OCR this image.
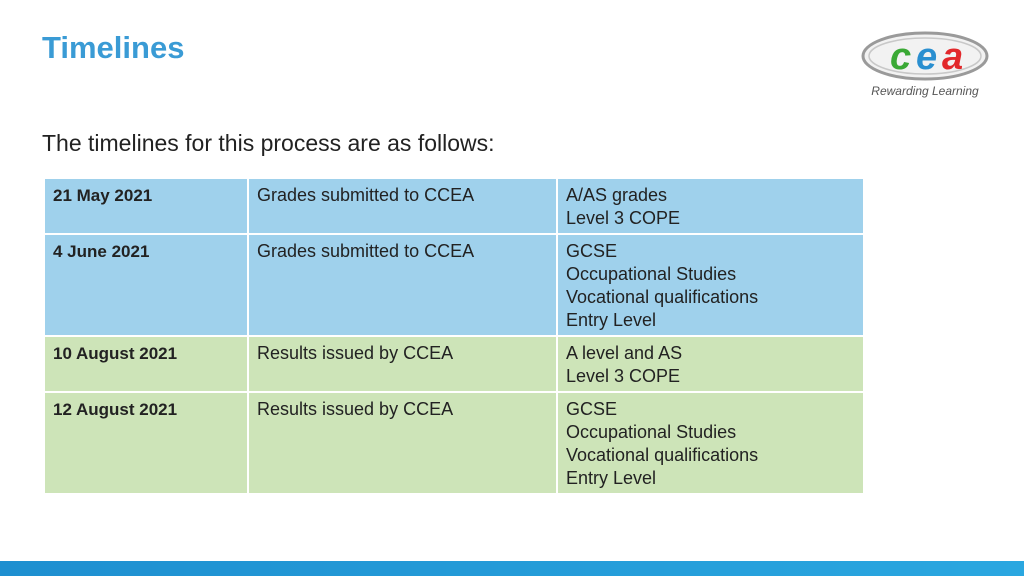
Timelines	c e a
Rewarding Learning
The timelines for this process are as follows:
21 May 2021	Grades submitted to CCEA	A/AS grades
Level 3 COPE

4 June 2021	Grades submitted to CCEA	GCSE
Occupational Studies
Vocational qualifications
Entry Level

10 August 2021	Results issued by CCEA	A level and AS
Level 3 COPE

12 August 2021	Results issued by CCEA	GCSE
Occupational Studies
Vocational qualifications
Entry Level
